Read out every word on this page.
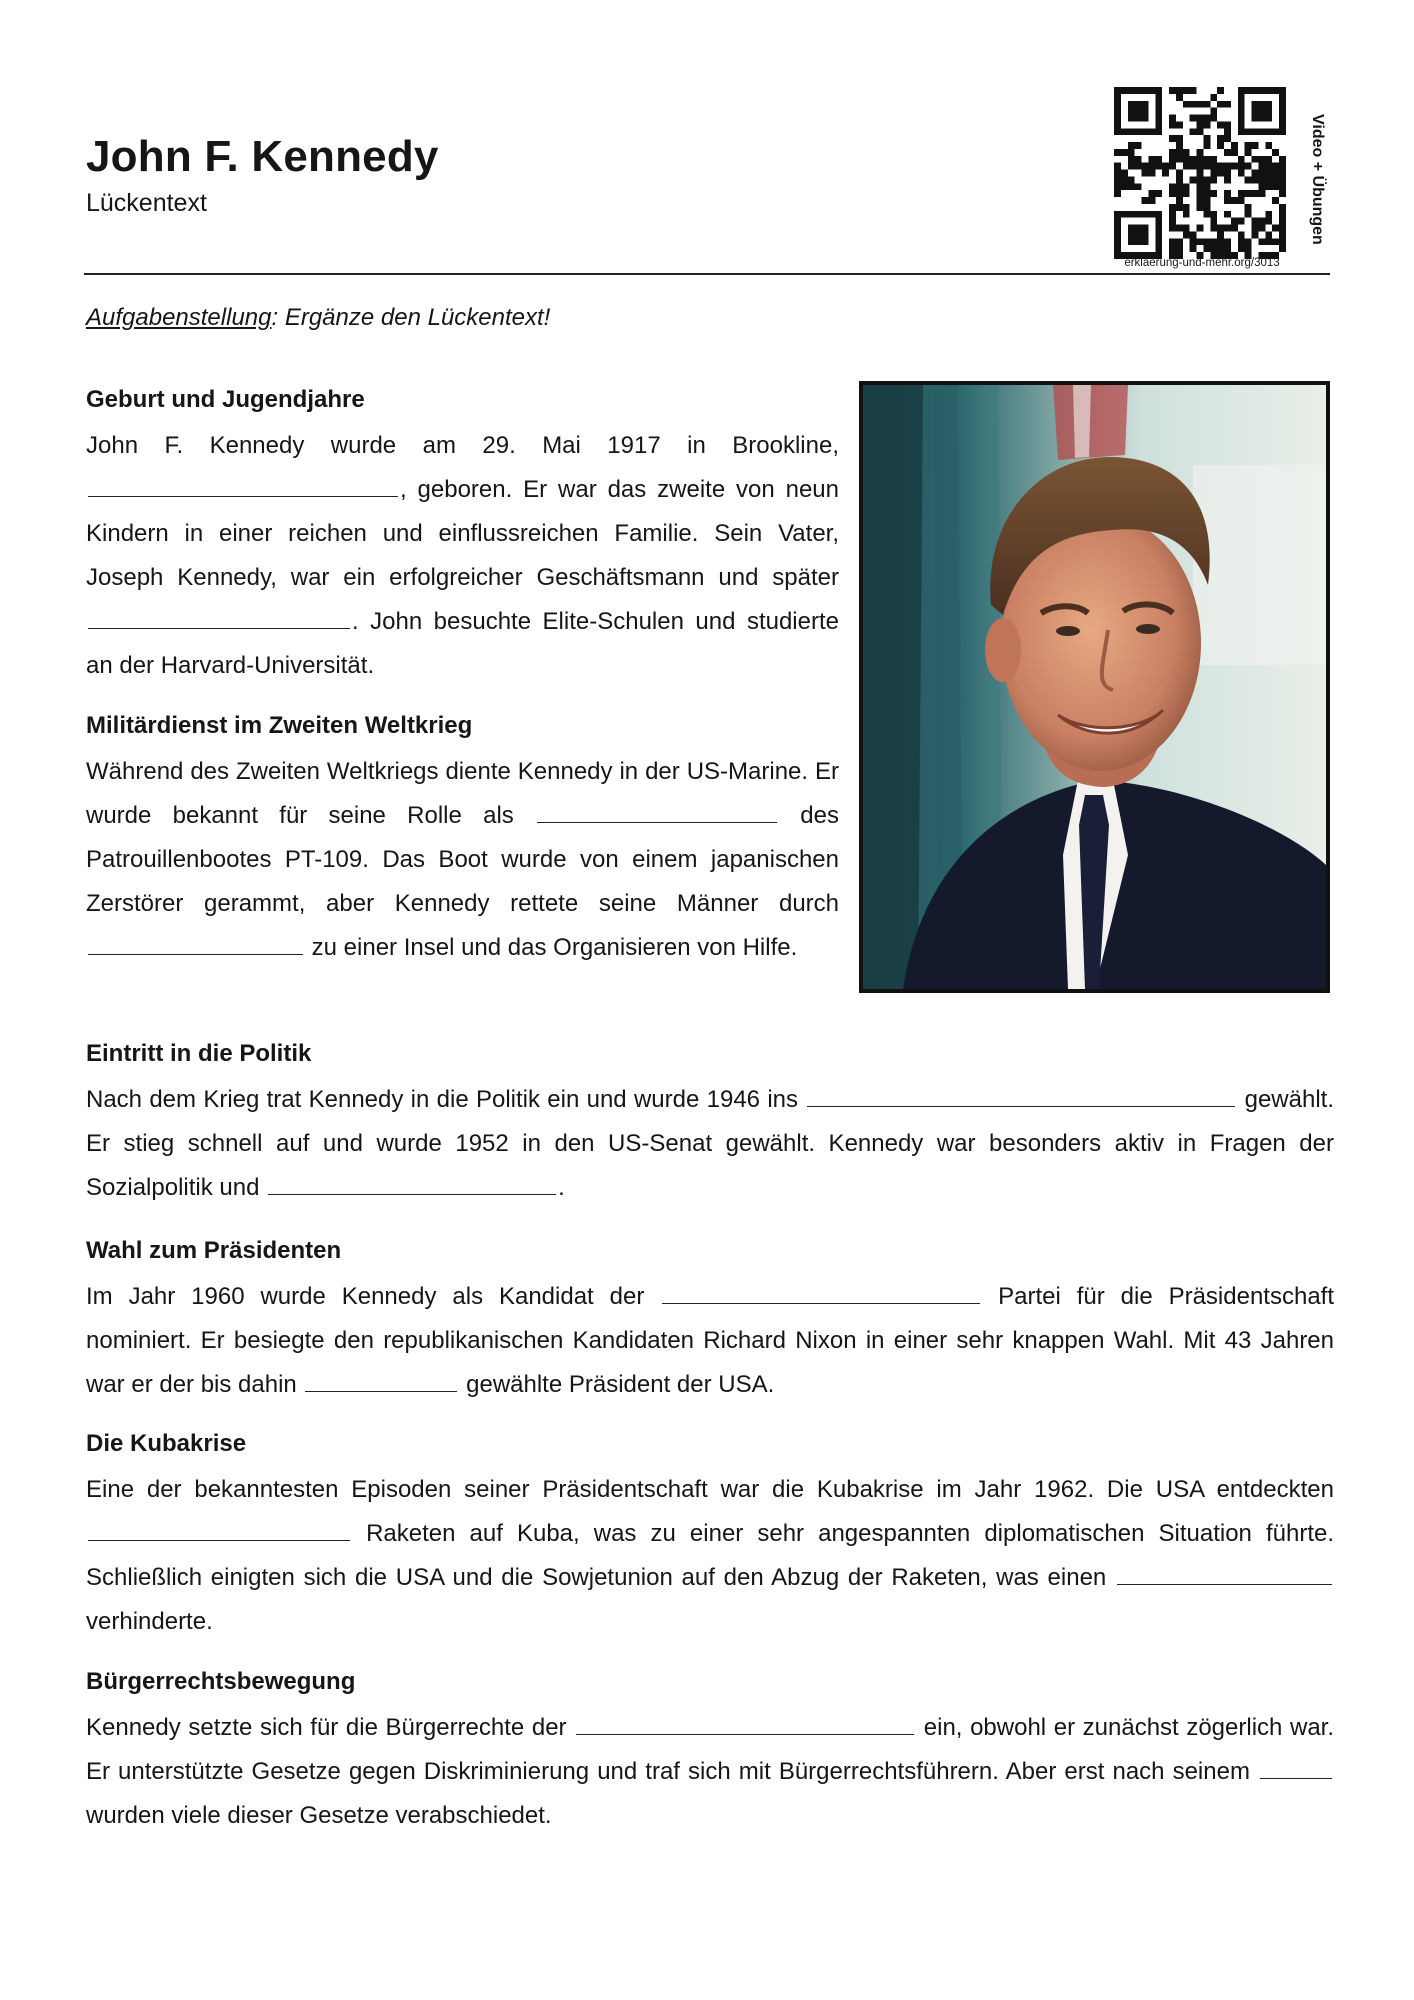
John F. Kennedy
Lückentext	Video + Übungen
erklaerung-und-mehr.org/3013
Aufgabenstellung: Ergänze den Lückentext!
Geburt und Jugendjahre

John F. Kennedy wurde am 29. Mai 1917 in Brookline, , geboren. Er war das zweite von neun Kindern in einer reichen und einflussreichen Familie. Sein Vater, Joseph Kennedy, war ein erfolgreicher Geschäftsmann und später . John besuchte Elite-Schulen und studierte an der Harvard-Universität.

Militärdienst im Zweiten Weltkrieg

Während des Zweiten Weltkriegs diente Kennedy in der US-Marine. Er wurde bekannt für seine Rolle als	des Patrouillenbootes PT-109. Das Boot wurde von einem japanischen Zerstörer gerammt, aber Kennedy rettete seine Männer durch  zu einer Insel und das Organisieren von Hilfe.

Eintritt in die Politik

Nach dem Krieg trat Kennedy in die Politik ein und wurde 1946 ins	gewählt. Er stieg schnell auf und wurde 1952 in den US-Senat gewählt. Kennedy war besonders aktiv in Fragen der Sozialpolitik und	.

Wahl zum Präsidenten

Im Jahr 1960 wurde Kennedy als Kandidat der	Partei für die Präsidentschaft nominiert. Er besiegte den republikanischen Kandidaten Richard Nixon in einer sehr knappen Wahl. Mit 43 Jahren war er der bis dahin	gewählte Präsident der USA.

Die Kubakrise

Eine der bekanntesten Episoden seiner Präsidentschaft war die Kubakrise im Jahr 1962. Die USA entdeckten  Raketen auf Kuba, was zu einer sehr angespannten diplomatischen Situation führte. Schließlich einigten sich die USA und die Sowjetunion auf den Abzug der Raketen, was einen  verhinderte.

Bürgerrechtsbewegung

Kennedy setzte sich für die Bürgerrechte der	ein, obwohl er zunächst zögerlich war. Er unterstützte Gesetze gegen Diskriminierung und traf sich mit Bürgerrechtsführern. Aber erst nach seinem  wurden viele dieser Gesetze verabschiedet.
